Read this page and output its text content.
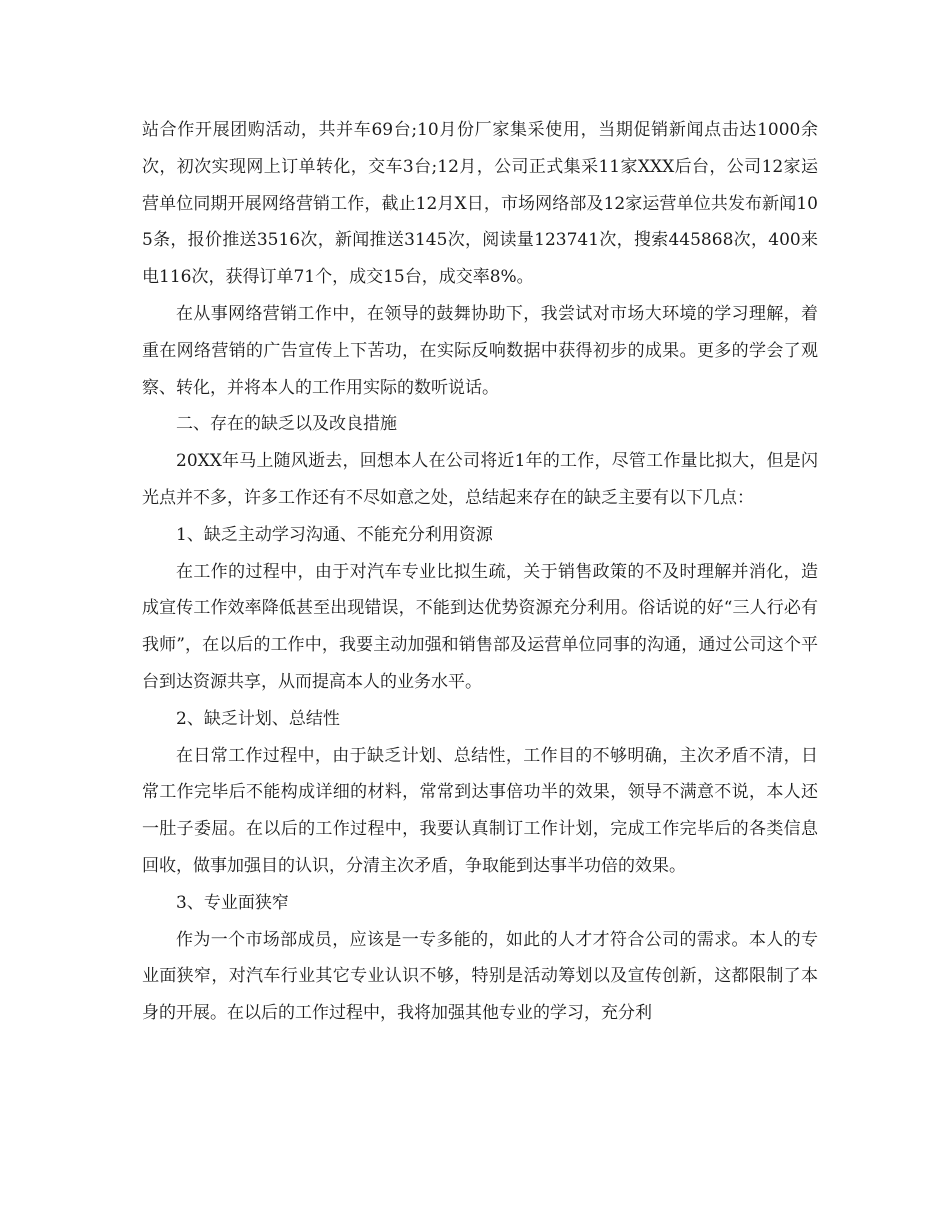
站合作开展团购活动，共并车69台;10月份厂家集采使用，当期促销新闻点击达1000余次，初次实现网上订单转化，交车3台;12月，公司正式集采11家XXX后台，公司12家运营单位同期开展网络营销工作，截止12月X日，市场网络部及12家运营单位共发布新闻105条，报价推送3516次，新闻推送3145次，阅读量123741次，搜索445868次，400来电116次，获得订单71个，成交15台，成交率8%。

在从事网络营销工作中，在领导的鼓舞协助下，我尝试对市场大环境的学习理解，着重在网络营销的广告宣传上下苦功，在实际反响数据中获得初步的成果。更多的学会了观察、转化，并将本人的工作用实际的数听说话。

二、存在的缺乏以及改良措施

20XX年马上随风逝去，回想本人在公司将近1年的工作，尽管工作量比拟大，但是闪光点并不多，许多工作还有不尽如意之处，总结起来存在的缺乏主要有以下几点：

1、缺乏主动学习沟通、不能充分利用资源

在工作的过程中，由于对汽车专业比拟生疏，关于销售政策的不及时理解并消化，造成宣传工作效率降低甚至出现错误，不能到达优势资源充分利用。俗话说的好“三人行必有我师”，在以后的工作中，我要主动加强和销售部及运营单位同事的沟通，通过公司这个平台到达资源共享，从而提高本人的业务水平。

2、缺乏计划、总结性

在日常工作过程中，由于缺乏计划、总结性，工作目的不够明确，主次矛盾不清，日常工作完毕后不能构成详细的材料，常常到达事倍功半的效果，领导不满意不说，本人还一肚子委屈。在以后的工作过程中，我要认真制订工作计划，完成工作完毕后的各类信息回收，做事加强目的认识，分清主次矛盾，争取能到达事半功倍的效果。

3、专业面狭窄

作为一个市场部成员，应该是一专多能的，如此的人才才符合公司的需求。本人的专业面狭窄，对汽车行业其它专业认识不够，特别是活动筹划以及宣传创新，这都限制了本身的开展。在以后的工作过程中，我将加强其他专业的学习，充分利
